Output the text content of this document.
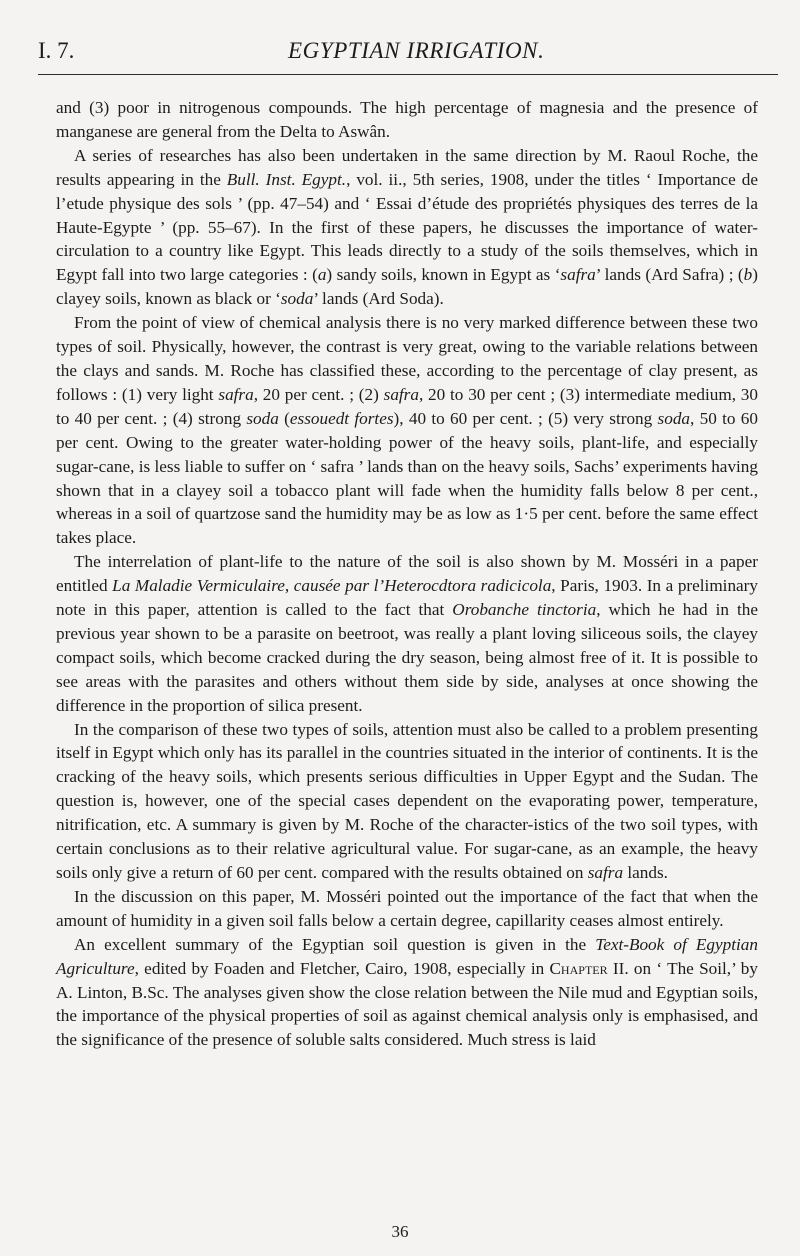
I. 7.	EGYPTIAN IRRIGATION.

and (3) poor in nitrogenous compounds. The high percentage of magnesia and the presence of manganese are general from the Delta to Aswân.

A series of researches has also been undertaken in the same direction by M. Raoul Roche, the results appearing in the Bull. Inst. Egypt., vol. ii., 5th series, 1908, under the titles ‘ Importance de l’etude physique des sols ’ (pp. 47–54) and ‘ Essai d’étude des propriétés physiques des terres de la Haute-Egypte ’ (pp. 55–67). In the first of these papers, he discusses the importance of water-circulation to a country like Egypt. This leads directly to a study of the soils themselves, which in Egypt fall into two large categories : (a) sandy soils, known in Egypt as ‘safra’ lands (Ard Safra) ; (b) clayey soils, known as black or ‘soda’ lands (Ard Soda).

From the point of view of chemical analysis there is no very marked difference between these two types of soil. Physically, however, the contrast is very great, owing to the variable relations between the clays and sands. M. Roche has classified these, according to the percentage of clay present, as follows : (1) very light safra, 20 per cent. ; (2) safra, 20 to 30 per cent ; (3) intermediate medium, 30 to 40 per cent. ; (4) strong soda (essouedt fortes), 40 to 60 per cent. ; (5) very strong soda, 50 to 60 per cent. Owing to the greater water-holding power of the heavy soils, plant-life, and especially sugar-cane, is less liable to suffer on ‘ safra ’ lands than on the heavy soils, Sachs’ experiments having shown that in a clayey soil a tobacco plant will fade when the humidity falls below 8 per cent., whereas in a soil of quartzose sand the humidity may be as low as 1·5 per cent. before the same effect takes place.

The interrelation of plant-life to the nature of the soil is also shown by M. Mosséri in a paper entitled La Maladie Vermiculaire, causée par l’Heterocdtora radicicola, Paris, 1903. In a preliminary note in this paper, attention is called to the fact that Orobanche tinctoria, which he had in the previous year shown to be a parasite on beetroot, was really a plant loving siliceous soils, the clayey compact soils, which become cracked during the dry season, being almost free of it. It is possible to see areas with the parasites and others without them side by side, analyses at once showing the difference in the proportion of silica present.

In the comparison of these two types of soils, attention must also be called to a problem presenting itself in Egypt which only has its parallel in the countries situated in the interior of continents. It is the cracking of the heavy soils, which presents serious difficulties in Upper Egypt and the Sudan. The question is, however, one of the special cases dependent on the evaporating power, temperature, nitrification, etc. A summary is given by M. Roche of the character-istics of the two soil types, with certain conclusions as to their relative agricultural value. For sugar-cane, as an example, the heavy soils only give a return of 60 per cent. compared with the results obtained on safra lands.

In the discussion on this paper, M. Mosséri pointed out the importance of the fact that when the amount of humidity in a given soil falls below a certain degree, capillarity ceases almost entirely.

An excellent summary of the Egyptian soil question is given in the Text-Book of Egyptian Agriculture, edited by Foaden and Fletcher, Cairo, 1908, especially in Chapter II. on ‘ The Soil,’ by A. Linton, B.Sc. The analyses given show the close relation between the Nile mud and Egyptian soils, the importance of the physical properties of soil as against chemical analysis only is emphasised, and the significance of the presence of soluble salts considered. Much stress is laid

36
